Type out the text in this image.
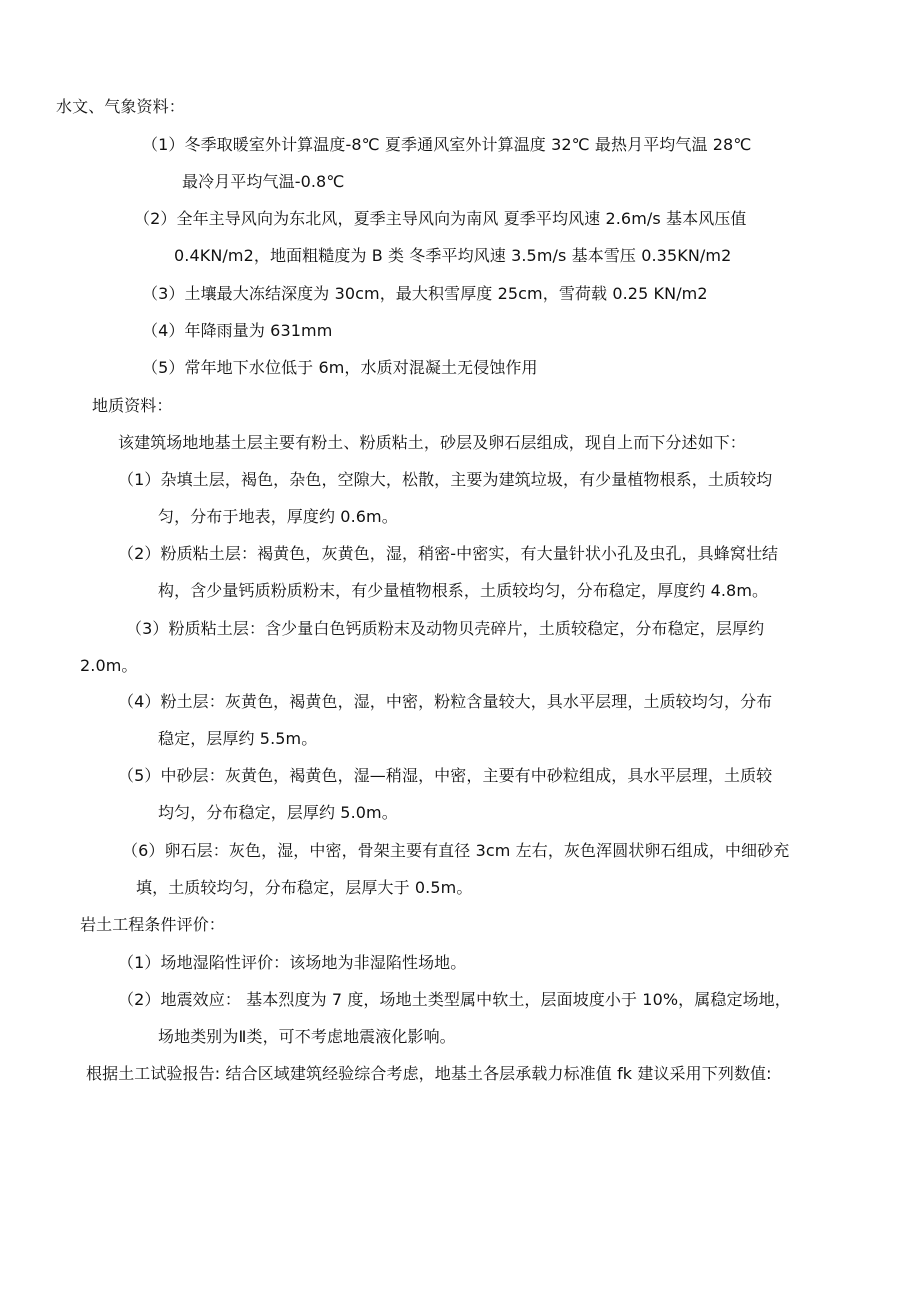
水文、气象资料：
（1）冬季取暖室外计算温度-8℃ 夏季通风室外计算温度 32℃ 最热月平均气温 28℃
最冷月平均气温-0.8℃
（2）全年主导风向为东北风，夏季主导风向为南风 夏季平均风速 2.6m/s 基本风压值
0.4KN/m2，地面粗糙度为 B 类 冬季平均风速 3.5m/s 基本雪压 0.35KN/m2
（3）土壤最大冻结深度为 30cm，最大积雪厚度 25cm，雪荷载 0.25 KN/m2
（4）年降雨量为 631mm
（5）常年地下水位低于 6m，水质对混凝土无侵蚀作用
地质资料：
该建筑场地地基土层主要有粉土、粉质粘土，砂层及卵石层组成，现自上而下分述如下：
（1）杂填土层，褐色，杂色，空隙大，松散，主要为建筑垃圾，有少量植物根系，土质较均
匀，分布于地表，厚度约 0.6m。
（2）粉质粘土层：褐黄色，灰黄色，湿，稍密-中密实，有大量针状小孔及虫孔，具蜂窝壮结
构，含少量钙质粉质粉末，有少量植物根系，土质较均匀，分布稳定，厚度约 4.8m。
（3）粉质粘土层：含少量白色钙质粉末及动物贝壳碎片，土质较稳定，分布稳定，层厚约
2.0m。
（4）粉土层：灰黄色，褐黄色，湿，中密，粉粒含量较大，具水平层理，土质较均匀，分布
稳定，层厚约 5.5m。
（5）中砂层：灰黄色，褐黄色，湿—稍湿，中密，主要有中砂粒组成，具水平层理，土质较
均匀，分布稳定，层厚约 5.0m。
（6）卵石层：灰色，湿，中密，骨架主要有直径 3cm 左右，灰色浑圆状卵石组成，中细砂充
填，土质较均匀，分布稳定，层厚大于 0.5m。
岩土工程条件评价：
（1）场地湿陷性评价：该场地为非湿陷性场地。
（2）地震效应： 基本烈度为 7 度，场地土类型属中软土，层面坡度小于 10%，属稳定场地，
场地类别为Ⅱ类，可不考虑地震液化影响。
根据土工试验报告: 结合区域建筑经验综合考虑，地基土各层承载力标准值 fk 建议采用下列数值:
